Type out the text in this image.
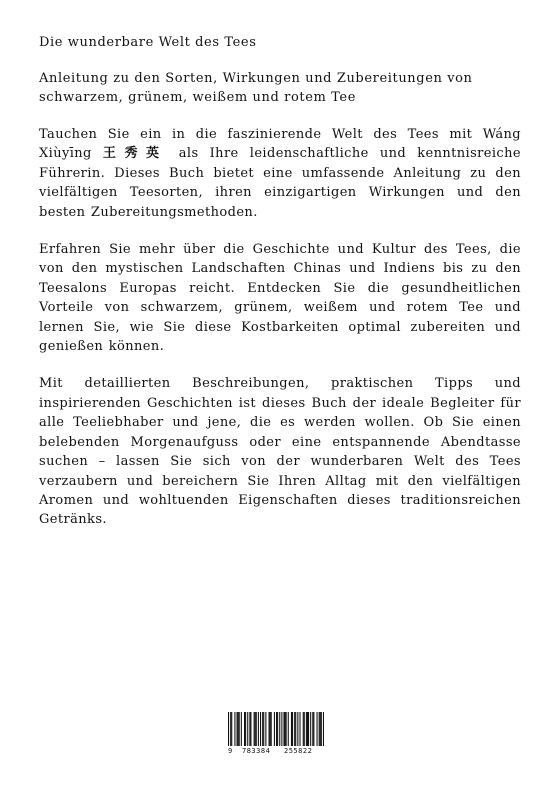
Die wunderbare Welt des Tees
Anleitung zu den Sorten, Wirkungen und Zubereitungen von schwarzem, grünem, weißem und rotem Tee

Tauchen Sie ein in die faszinierende Welt des Tees mit Wáng Xiùyīng 王秀英 als Ihre leidenschaftliche und kenntnisreiche Führerin. Dieses Buch bietet eine umfassende Anleitung zu den vielfältigen Teesorten, ihren einzigartigen Wirkungen und den besten Zubereitungsmethoden.

Erfahren Sie mehr über die Geschichte und Kultur des Tees, die von den mystischen Landschaften Chinas und Indiens bis zu den Teesalons Europas reicht. Entdecken Sie die gesundheitlichen Vorteile von schwarzem, grünem, weißem und rotem Tee und lernen Sie, wie Sie diese Kostbarkeiten optimal zubereiten und genießen können.

Mit detaillierten Beschreibungen, praktischen Tipps und inspirierenden Geschichten ist dieses Buch der ideale Begleiter für alle Teeliebhaber und jene, die es werden wollen. Ob Sie einen belebenden Morgenaufguss oder eine entspannende Abendtasse suchen – lassen Sie sich von der wunderbaren Welt des Tees verzaubern und bereichern Sie Ihren Alltag mit den vielfältigen Aromen und wohltuenden Eigenschaften dieses traditionsreichen Getränks.

9 783384 255822
